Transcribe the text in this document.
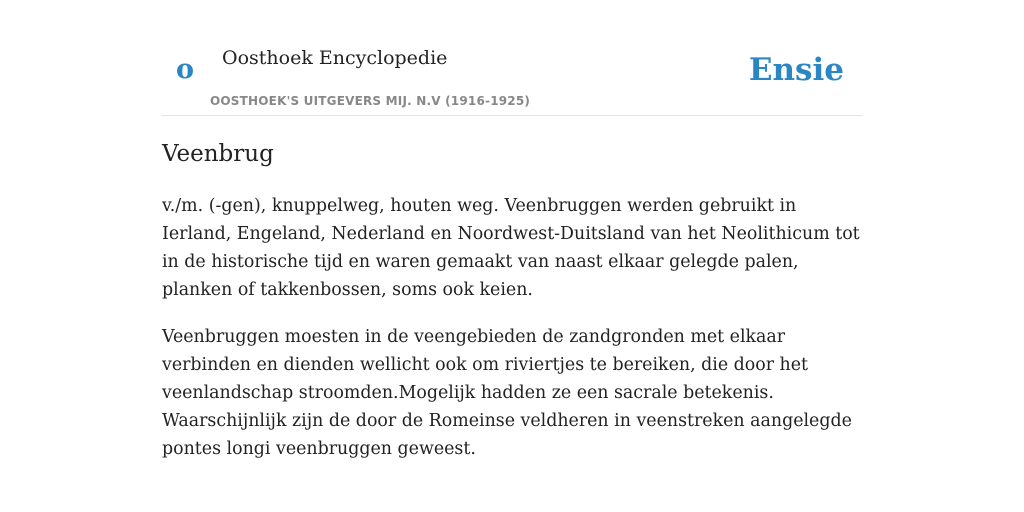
o Oosthoek Encyclopedie
OOSTHOEK'S UITGEVERS MIJ. N.V (1916-1925)
Ensie
Veenbrug

v./m. (-gen), knuppelweg, houten weg. Veenbruggen werden gebruikt in Ierland, Engeland, Nederland en Noordwest-Duitsland van het Neolithicum tot in de historische tijd en waren gemaakt van naast elkaar gelegde palen, planken of takkenbossen, soms ook keien.

Veenbruggen moesten in de veengebieden de zandgronden met elkaar verbinden en dienden wellicht ook om riviertjes te bereiken, die door het veenlandschap stroomden.Mogelijk hadden ze een sacrale betekenis. Waarschijnlijk zijn de door de Romeinse veldheren in veenstreken aangelegde pontes longi veenbruggen geweest.
